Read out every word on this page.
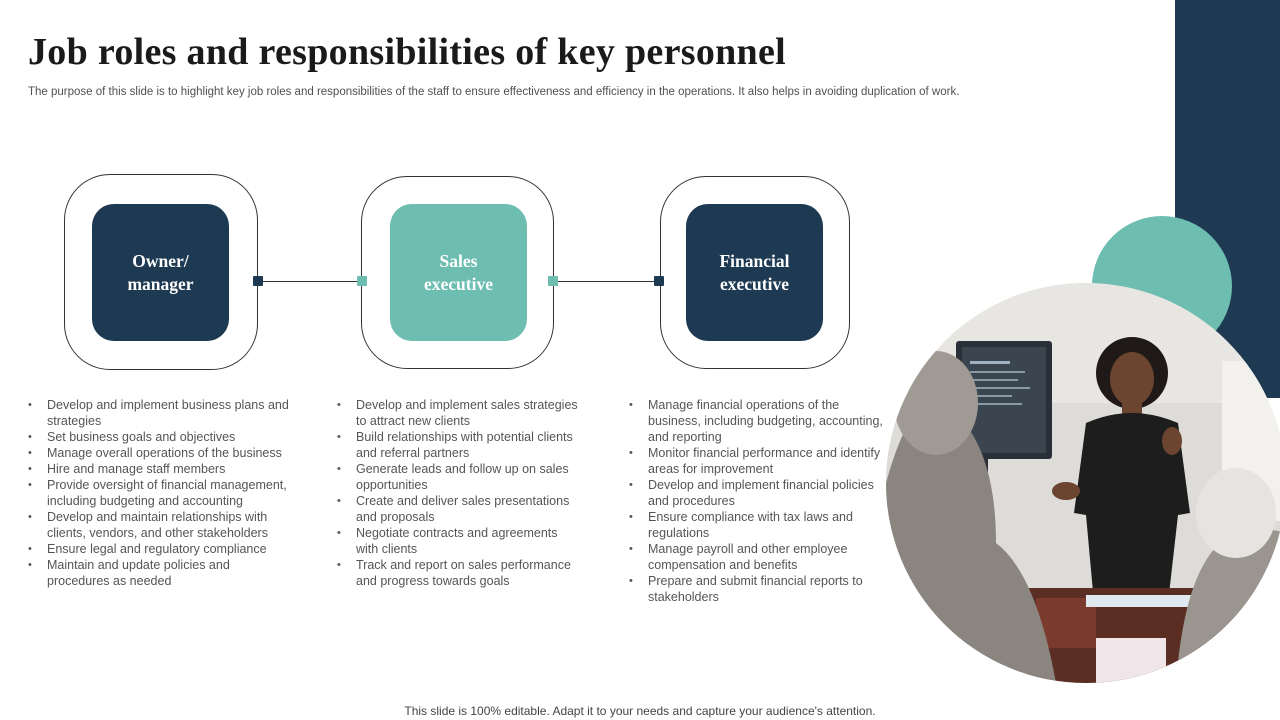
Job roles and responsibilities of key personnel

The purpose of this slide is to highlight key job roles and responsibilities of the staff to ensure effectiveness and efficiency in the operations. It also helps in avoiding duplication of work.

Owner/
manager
Sales
executive
Financial
executive
• Develop and implement business plans and strategies
• Set business goals and objectives
• Manage overall operations of the business
• Hire and manage staff members
• Provide oversight of financial management, including budgeting and accounting
• Develop and maintain relationships with clients, vendors, and other stakeholders
• Ensure legal and regulatory compliance
• Maintain and update policies and procedures as needed
• Develop and implement sales strategies to attract new clients
• Build relationships with potential clients and referral partners
• Generate leads and follow up on sales opportunities
• Create and deliver sales presentations and proposals
• Negotiate contracts and agreements with clients
• Track and report on sales performance and progress towards goals
• Manage financial operations of the business, including budgeting, accounting, and reporting
• Monitor financial performance and identify areas for improvement
• Develop and implement financial policies and procedures
• Ensure compliance with tax laws and regulations
• Manage payroll and other employee compensation and benefits
• Prepare and submit financial reports to stakeholders
This slide is 100% editable. Adapt it to your needs and capture your audience's attention.
